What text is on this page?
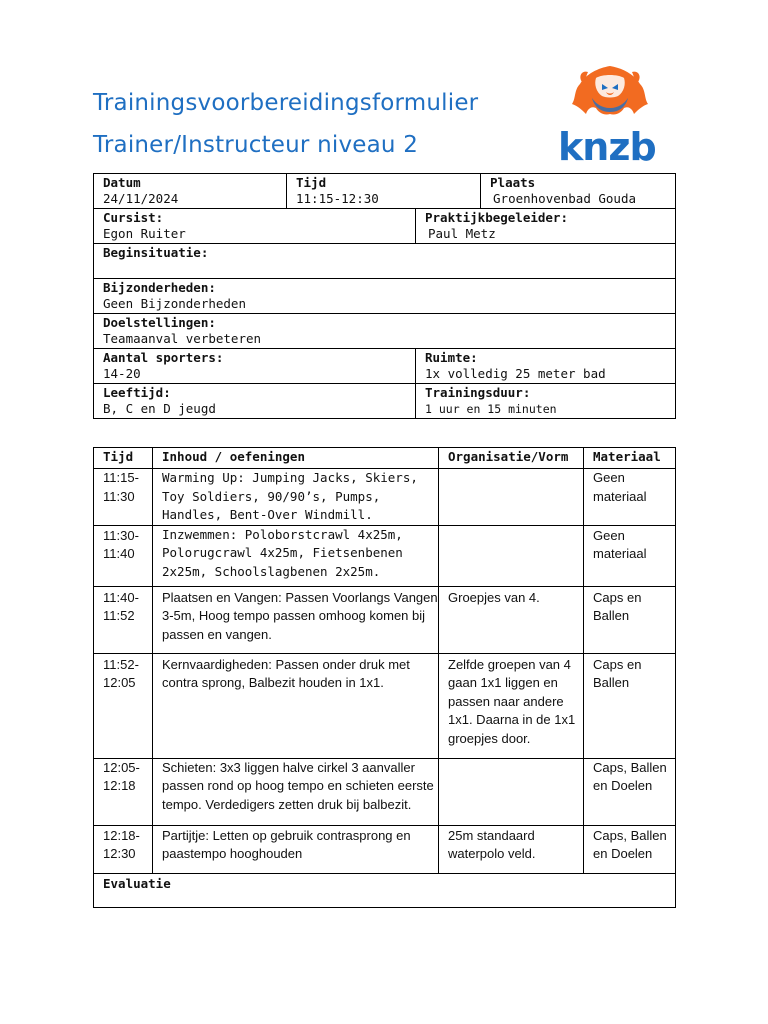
Trainingsvoorbereidingsformulier
Trainer/Instructeur niveau 2	knzb
Datum
24/11/2024	Tijd
11:15-12:30		Plaats
Groenhovenbad Gouda

Cursist:
Egon Ruiter		Praktijkbegeleider:
Paul Metz	

Beginsituatie:			

Bijzonderheden:
Geen Bijzonderheden			

Doelstellingen:
Teamaanval verbeteren			

Aantal sporters:
14-20		Ruimte:
1x volledig 25 meter bad	

Leeftijd:
B, C en D jeugd		Trainingsduur:
1 uur en 15 minuten	
Tijd	Inhoud / oefeningen	Organisatie/Vorm	Materiaal
11:15-
11:30	Warming Up: Jumping Jacks, Skiers, Toy Soldiers, 90/90’s, Pumps, Handles, Bent-Over Windmill.		Geen
materiaal
11:30-
11:40	Inzwemmen: Poloborstcrawl 4x25m, Polorugcrawl 4x25m, Fietsenbenen 2x25m, Schoolslagbenen 2x25m.		Geen
materiaal
11:40-
11:52	Plaatsen en Vangen: Passen Voorlangs Vangen 3-5m, Hoog tempo passen omhoog komen bij passen en vangen.	Groepjes van 4.	Caps en
Ballen
11:52-
12:05	Kernvaardigheden: Passen onder druk met contra sprong, Balbezit houden in 1x1.	Zelfde groepen van 4 gaan 1x1 liggen en passen naar andere 1x1. Daarna in de 1x1 groepjes door.	Caps en
Ballen
12:05-
12:18	Schieten: 3x3 liggen halve cirkel 3 aanvaller passen rond op hoog tempo en schieten eerste tempo. Verdedigers zetten druk bij balbezit.		Caps, Ballen
en Doelen
12:18-
12:30	Partijtje: Letten op gebruik contrasprong en paastempo hooghouden	25m standaard waterpolo veld.	Caps, Ballen
en Doelen
Evaluatie			
